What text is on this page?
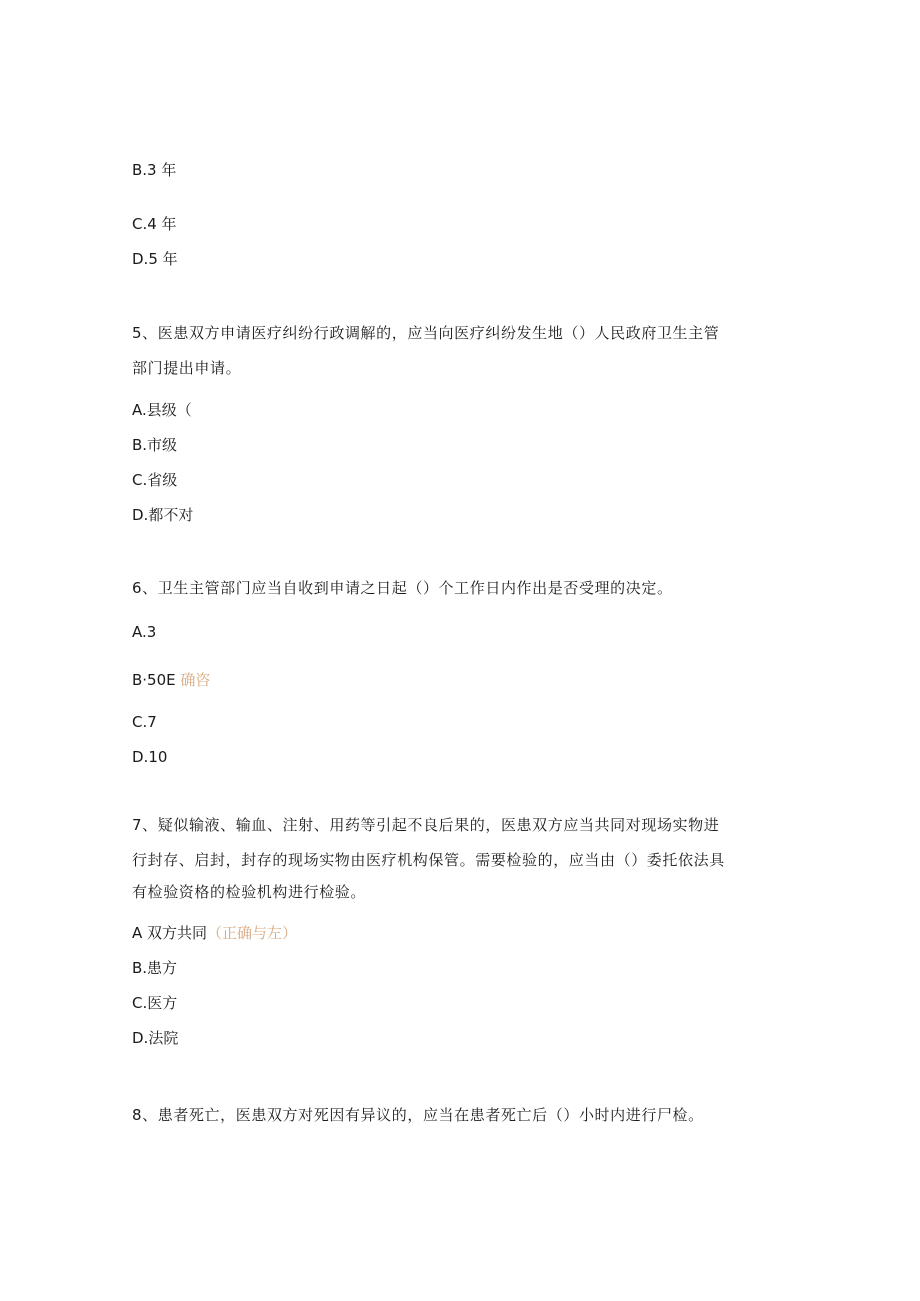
B.3 年

C.4 年

D.5 年

5、医患双方申请医疗纠纷行政调解的，应当向医疗纠纷发生地（）人民政府卫生主管

部门提出申请。

A.县级（

B.市级

C.省级

D.都不对

6、卫生主管部门应当自收到申请之日起（）个工作日内作出是否受理的决定。

A.3

B·50E 确咨

C.7

D.10

7、疑似输液、输血、注射、用药等引起不良后果的，医患双方应当共同对现场实物进

行封存、启封，封存的现场实物由医疗机构保管。需要检验的，应当由（）委托依法具

有检验资格的检验机构进行检验。

A 双方共同（正确与左）

B.患方

C.医方

D.法院

8、患者死亡，医患双方对死因有异议的，应当在患者死亡后（）小时内进行尸检。
